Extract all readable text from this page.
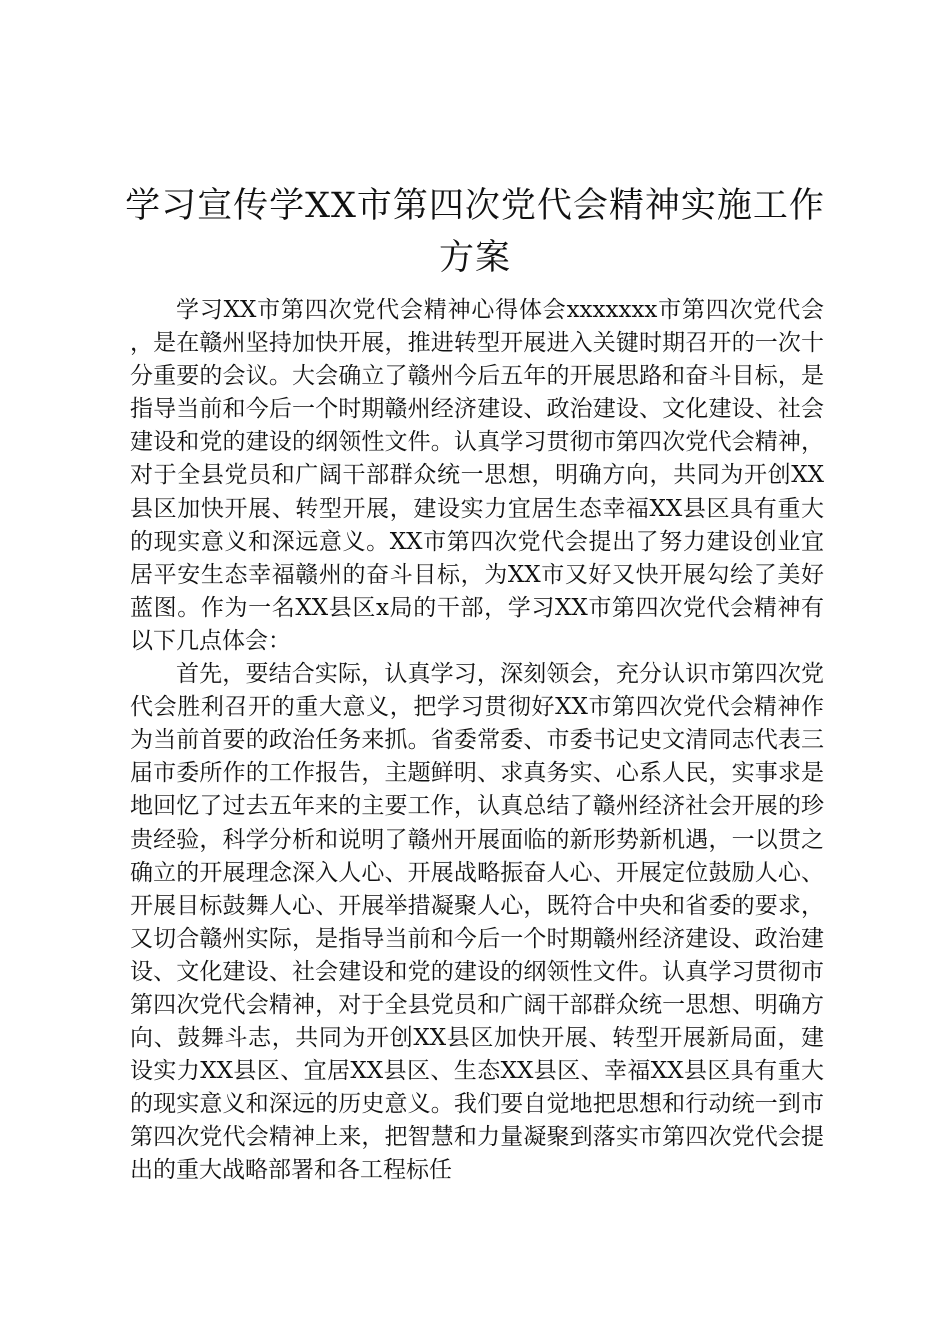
学习宣传学XX市第四次党代会精神实施工作
方案

学习XX市第四次党代会精神心得体会xxxxxxx市第四次党代会，是在赣州坚持加快开展，推进转型开展进入关键时期召开的一次十分重要的会议。大会确立了赣州今后五年的开展思路和奋斗目标，是指导当前和今后一个时期赣州经济建设、政治建设、文化建设、社会建设和党的建设的纲领性文件。认真学习贯彻市第四次党代会精神，对于全县党员和广阔干部群众统一思想，明确方向，共同为开创XX县区加快开展、转型开展，建设实力宜居生态幸福XX县区具有重大的现实意义和深远意义。XX市第四次党代会提出了努力建设创业宜居平安生态幸福赣州的奋斗目标，为XX市又好又快开展勾绘了美好蓝图。作为一名XX县区x局的干部，学习XX市第四次党代会精神有以下几点体会：

首先，要结合实际，认真学习，深刻领会，充分认识市第四次党代会胜利召开的重大意义，把学习贯彻好XX市第四次党代会精神作为当前首要的政治任务来抓。省委常委、市委书记史文清同志代表三届市委所作的工作报告，主题鲜明、求真务实、心系人民，实事求是地回忆了过去五年来的主要工作，认真总结了赣州经济社会开展的珍贵经验，科学分析和说明了赣州开展面临的新形势新机遇，一以贯之确立的开展理念深入人心、开展战略振奋人心、开展定位鼓励人心、开展目标鼓舞人心、开展举措凝聚人心，既符合中央和省委的要求，又切合赣州实际，是指导当前和今后一个时期赣州经济建设、政治建设、文化建设、社会建设和党的建设的纲领性文件。认真学习贯彻市第四次党代会精神，对于全县党员和广阔干部群众统一思想、明确方向、鼓舞斗志，共同为开创XX县区加快开展、转型开展新局面，建设实力XX县区、宜居XX县区、生态XX县区、幸福XX县区具有重大的现实意义和深远的历史意义。我们要自觉地把思想和行动统一到市第四次党代会精神上来，把智慧和力量凝聚到落实市第四次党代会提出的重大战略部署和各工程标任
